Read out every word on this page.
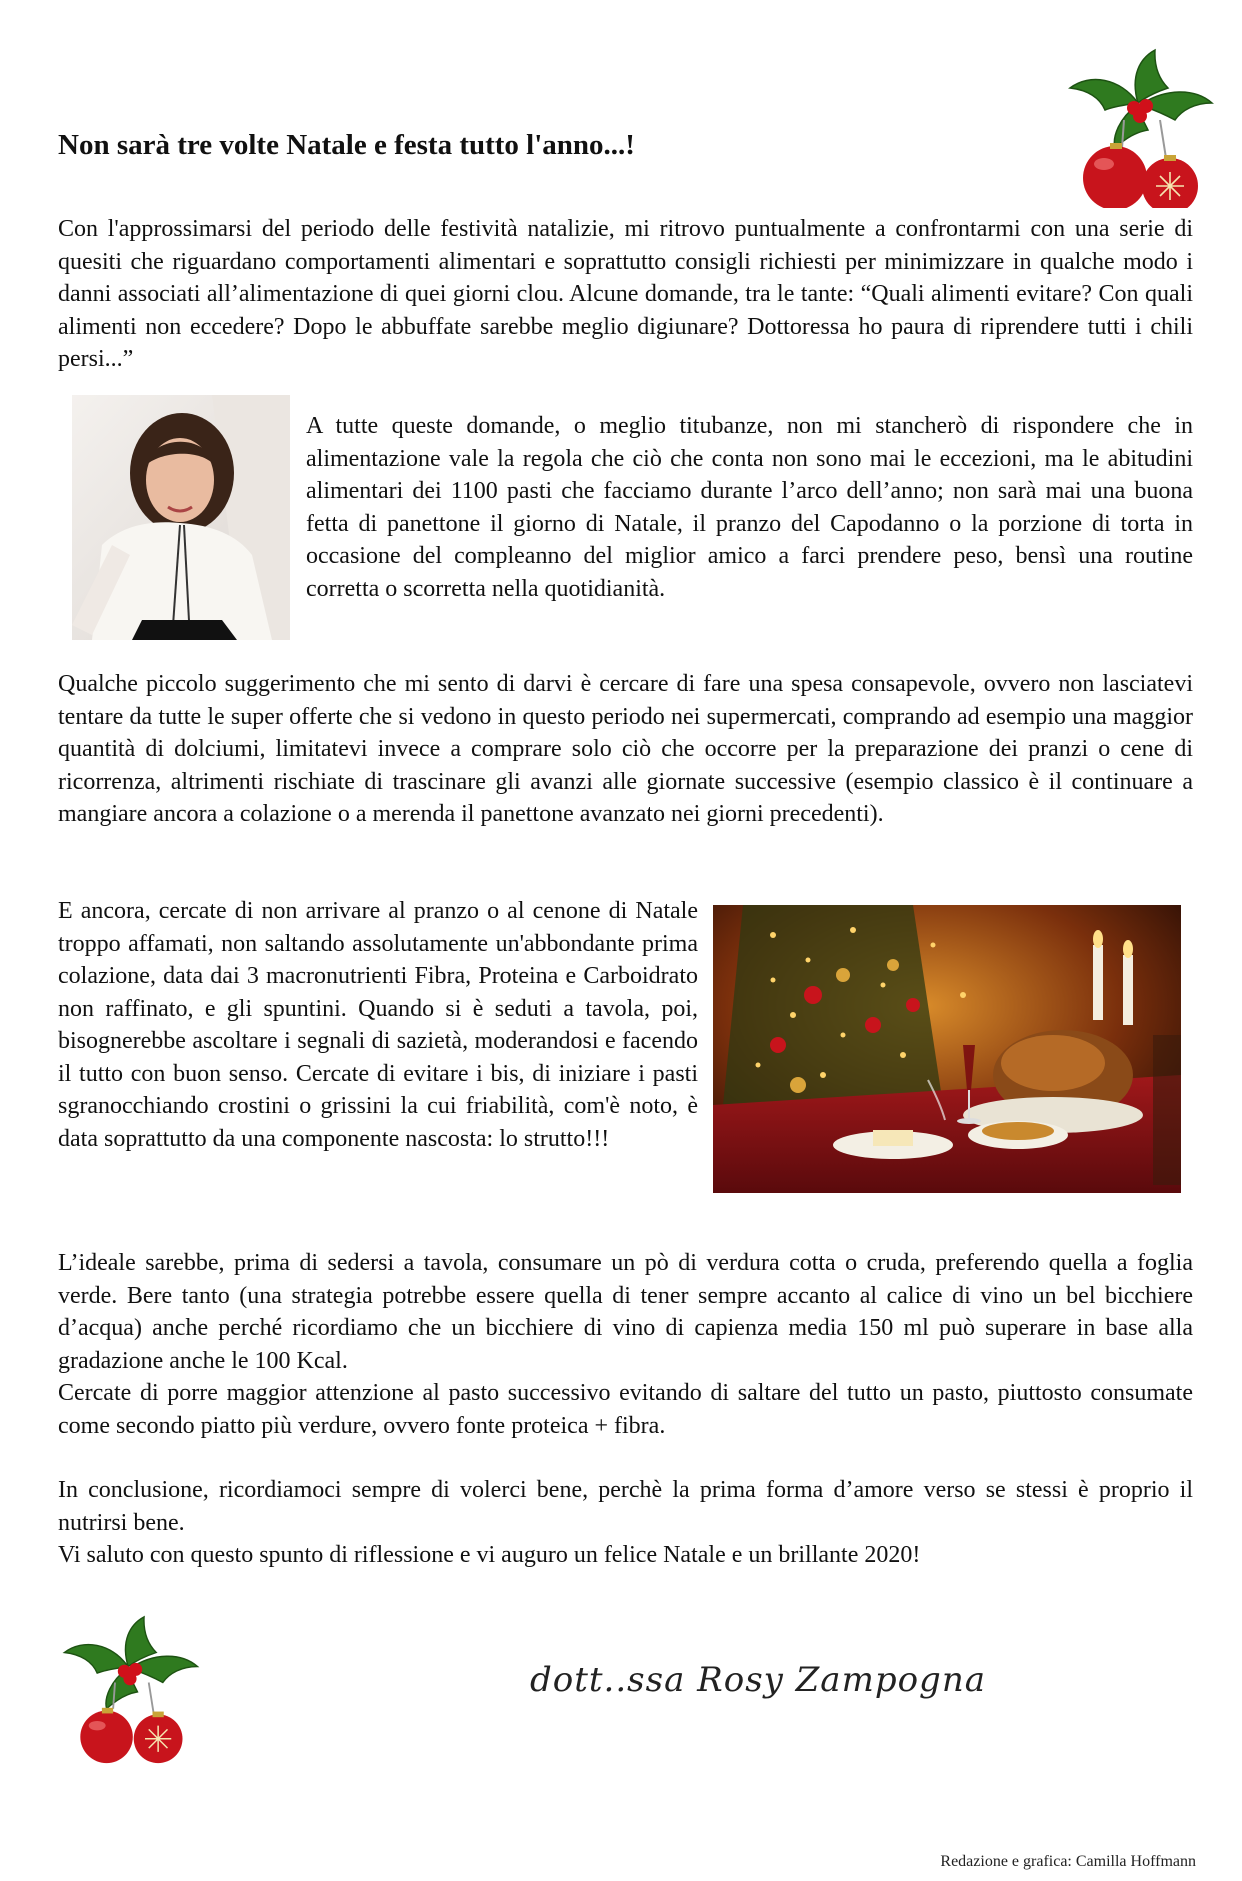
Non sarà tre volte Natale e festa tutto l'anno...!

Con l'approssimarsi del periodo delle festività natalizie, mi ritrovo puntualmente a confrontarmi con una serie di quesiti che riguardano comportamenti alimentari e soprattutto consigli richiesti per minimizzare in qualche modo i danni associati all’alimentazione di quei giorni clou. Alcune domande, tra le tante: “Quali alimenti evitare? Con quali alimenti non eccedere? Dopo le abbuffate sarebbe meglio digiunare? Dottoressa ho paura di riprendere tutti i chili persi...”

A tutte queste domande, o meglio titubanze, non mi stancherò di rispondere che in alimentazione vale la regola che ciò che conta non sono mai le eccezioni, ma le abitudini alimentari dei 1100 pasti che facciamo durante l’arco dell’anno; non sarà mai una buona fetta di panettone il giorno di Natale, il pranzo del Capodanno o la porzione di torta in occasione del compleanno del miglior amico a farci prendere peso, bensì una routine corretta o scorretta nella quotidianità.

Qualche piccolo suggerimento che mi sento di darvi è cercare di fare una spesa consapevole, ovvero non lasciatevi tentare da tutte le super offerte che si vedono in questo periodo nei supermercati, comprando ad esempio una maggior quantità di dolciumi, limitatevi invece a comprare solo ciò che occorre per la preparazione dei pranzi o cene di ricorrenza, altrimenti rischiate di trascinare gli avanzi alle giornate successive (esempio classico è il continuare a mangiare ancora a colazione o a merenda il panettone avanzato nei giorni precedenti).

E ancora, cercate di non arrivare al pranzo o al cenone di Natale troppo affamati, non saltando assolutamente un'abbondante prima colazione, data dai 3 macronutrienti Fibra, Proteina e Carboidrato non raffinato, e gli spuntini. Quando si è seduti a tavola, poi, bisognerebbe ascoltare i segnali di sazietà, moderandosi e facendo il tutto con buon senso. Cercate di evitare i bis, di iniziare i pasti sgranocchiando crostini o grissini la cui friabilità, com'è noto, è data soprattutto da una componente nascosta: lo strutto!!!

L’ideale sarebbe, prima di sedersi a tavola, consumare un pò di verdura cotta o cruda, preferendo quella a foglia verde. Bere tanto (una strategia potrebbe essere quella di tener sempre accanto al calice di vino un bel bicchiere d’acqua) anche perché ricordiamo che un bicchiere di vino di capienza media 150 ml può superare in base alla gradazione anche le 100 Kcal.

Cercate di porre maggior attenzione al pasto successivo evitando di saltare del tutto un pasto, piuttosto consumate come secondo piatto più verdure, ovvero fonte proteica + fibra.

In conclusione, ricordiamoci sempre di volerci bene, perchè la prima forma d’amore verso se stessi è proprio il nutrirsi bene.

Vi saluto con questo spunto di riflessione e vi auguro un felice Natale e un brillante 2020!

dott..ssa Rosy Zampogna
Redazione e grafica: Camilla Hoffmann
